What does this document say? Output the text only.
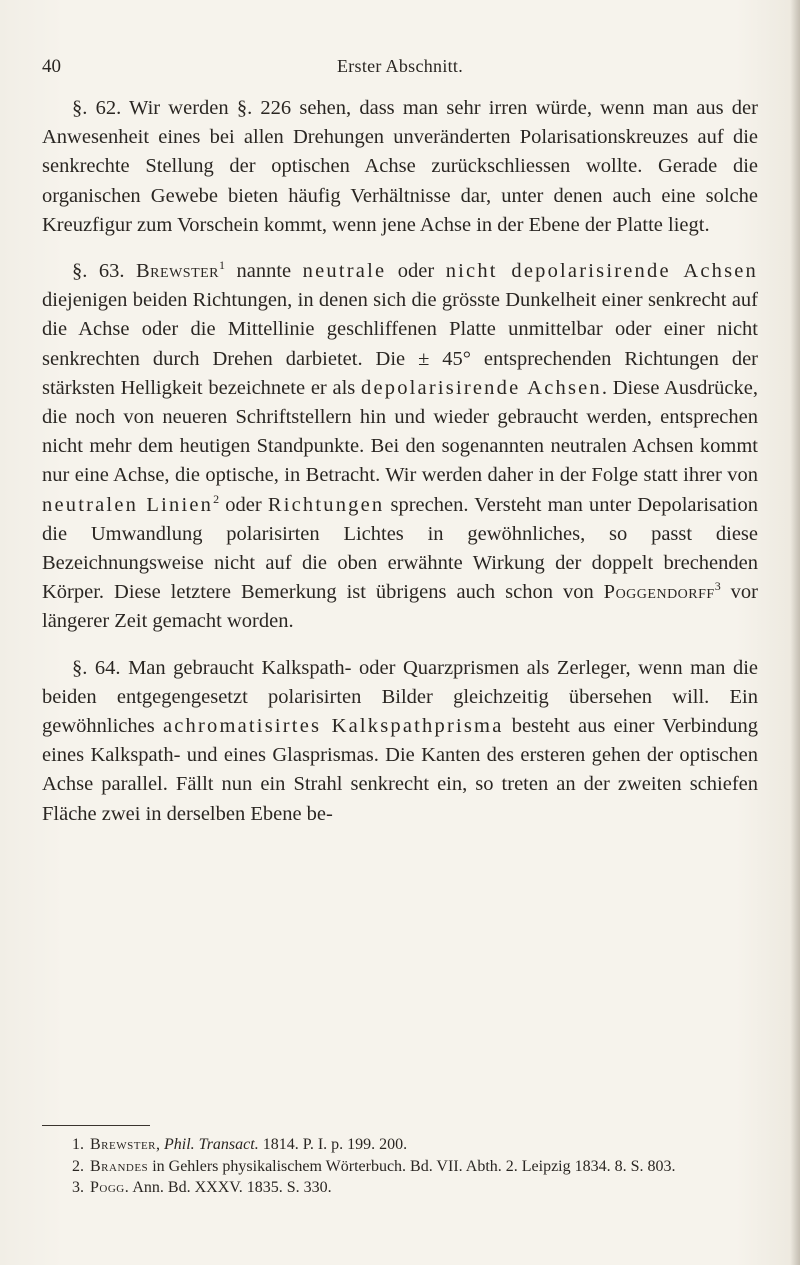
40	Erster Abschnitt.

§. 62. Wir werden §. 226 sehen, dass man sehr irren würde, wenn man aus der Anwesenheit eines bei allen Drehungen unveränderten Polarisationskreuzes auf die senkrechte Stellung der optischen Achse zurückschliessen wollte. Gerade die organischen Gewebe bieten häufig Verhältnisse dar, unter denen auch eine solche Kreuzfigur zum Vorschein kommt, wenn jene Achse in der Ebene der Platte liegt.

§. 63. Brewster$^1$ nannte neutrale oder nicht depolarisirende Achsen diejenigen beiden Richtungen, in denen sich die grösste Dunkelheit einer senkrecht auf die Achse oder die Mittellinie geschliffenen Platte unmittelbar oder einer nicht senkrechten durch Drehen darbietet. Die ± 45° entsprechenden Richtungen der stärksten Helligkeit bezeichnete er als depolarisirende Achsen. Diese Ausdrücke, die noch von neueren Schriftstellern hin und wieder gebraucht werden, entsprechen nicht mehr dem heutigen Standpunkte. Bei den sogenannten neutralen Achsen kommt nur eine Achse, die optische, in Betracht. Wir werden daher in der Folge statt ihrer von neutralen Linien$^2$ oder Richtungen sprechen. Versteht man unter Depolarisation die Umwandlung polarisirten Lichtes in gewöhnliches, so passt diese Bezeichnungsweise nicht auf die oben erwähnte Wirkung der doppelt brechenden Körper. Diese letztere Bemerkung ist übrigens auch schon von Poggendorff$^3$ vor längerer Zeit gemacht worden.

§. 64. Man gebraucht Kalkspath- oder Quarzprismen als Zerleger, wenn man die beiden entgegengesetzt polarisirten Bilder gleichzeitig übersehen will. Ein gewöhnliches achromatisirtes Kalkspathprisma besteht aus einer Verbindung eines Kalkspath- und eines Glasprismas. Die Kanten des ersteren gehen der optischen Achse parallel. Fällt nun ein Strahl senkrecht ein, so treten an der zweiten schiefen Fläche zwei in derselben Ebene be-

1. Brewster, Phil. Transact. 1814. P. I. p. 199. 200.
2. Brandes in Gehlers physikalischem Wörterbuch. Bd. VII. Abth. 2. Leipzig 1834. 8. S. 803.
3. Pogg. Ann. Bd. XXXV. 1835. S. 330.
